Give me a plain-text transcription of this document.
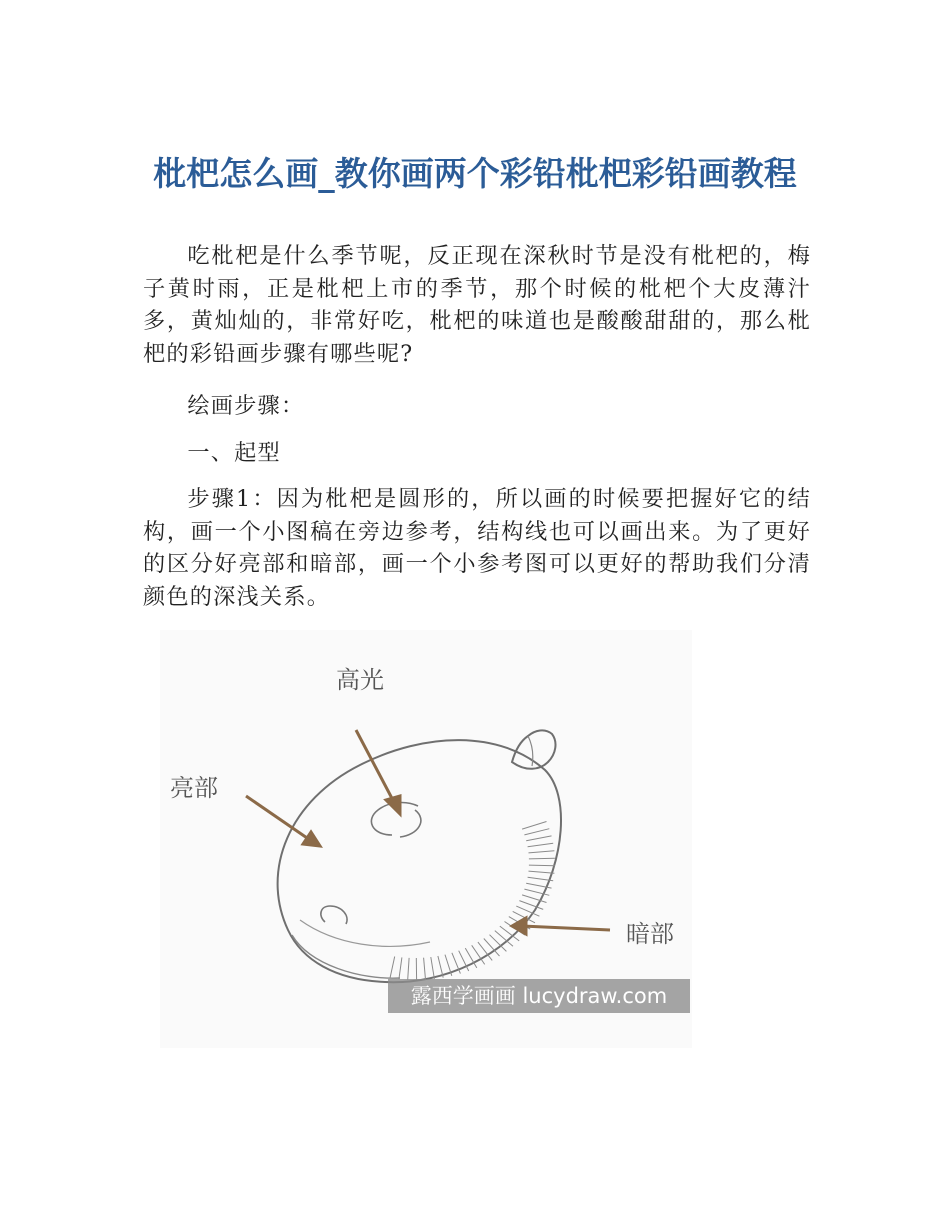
枇杷怎么画_教你画两个彩铅枇杷彩铅画教程

吃枇杷是什么季节呢，反正现在深秋时节是没有枇杷的，梅子黄时雨，正是枇杷上市的季节，那个时候的枇杷个大皮薄汁多，黄灿灿的，非常好吃，枇杷的味道也是酸酸甜甜的，那么枇杷的彩铅画步骤有哪些呢?

绘画步骤：

一、起型

步骤1：因为枇杷是圆形的，所以画的时候要把握好它的结构，画一个小图稿在旁边参考，结构线也可以画出来。为了更好的区分好亮部和暗部，画一个小参考图可以更好的帮助我们分清颜色的深浅关系。

高光
亮部
暗部
露西学画画 lucydraw.com
